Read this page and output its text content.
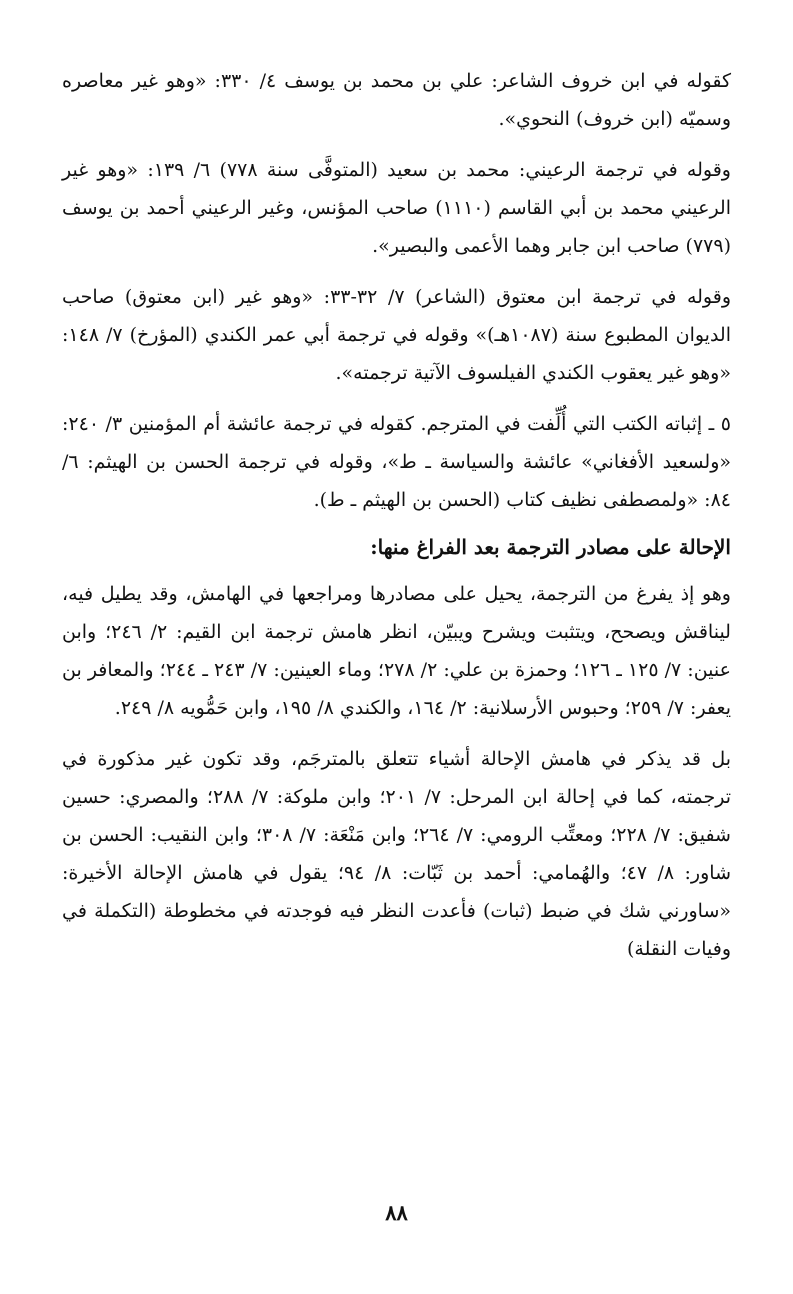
كقوله في ابن خروف الشاعر: علي بن محمد بن يوسف ٤/ ٣٣٠: «وهو غير معاصره وسميّه (ابن خروف) النحوي».

وقوله في ترجمة الرعيني: محمد بن سعيد (المتوفَّى سنة ٧٧٨) ٦/ ١٣٩: «وهو غير الرعيني محمد بن أبي القاسم (١١١٠) صاحب المؤنس، وغير الرعيني أحمد بن يوسف (٧٧٩) صاحب ابن جابر وهما الأعمى والبصير».

وقوله في ترجمة ابن معتوق (الشاعر) ٧/ ٣٢-٣٣: «وهو غير (ابن معتوق) صاحب الديوان المطبوع سنة (١٠٨٧هـ)» وقوله في ترجمة أبي عمر الكندي (المؤرخ) ٧/ ١٤٨: «وهو غير يعقوب الكندي الفيلسوف الآتية ترجمته».

٥ ـ إثباته الكتب التي أُلِّفت في المترجم. كقوله في ترجمة عائشة أم المؤمنين ٣/ ٢٤٠: «ولسعيد الأفغاني» عائشة والسياسة ـ ط»، وقوله في ترجمة الحسن بن الهيثم: ٦/ ٨٤: «ولمصطفى نظيف كتاب (الحسن بن الهيثم ـ ط).

الإحالة على مصادر الترجمة بعد الفراغ منها:

وهو إذ يفرغ من الترجمة، يحيل على مصادرها ومراجعها في الهامش، وقد يطيل فيه، ليناقش ويصحح، ويتثبت ويشرح ويبيّن، انظر هامش ترجمة ابن القيم: ٢/ ٢٤٦؛ وابن عنين: ٧/ ١٢٥ ـ ١٢٦؛ وحمزة بن علي: ٢/ ٢٧٨؛ وماء العينين: ٧/ ٢٤٣ ـ ٢٤٤؛ والمعافر بن يعفر: ٧/ ٢٥٩؛ وحبوس الأرسلانية: ٢/ ١٦٤، والكندي ٨/ ١٩٥، وابن حَمُّويه ٨/ ٢٤٩.

بل قد يذكر في هامش الإحالة أشياء تتعلق بالمترجَم، وقد تكون غير مذكورة في ترجمته، كما في إحالة ابن المرحل: ٧/ ٢٠١؛ وابن ملوكة: ٧/ ٢٨٨؛ والمصري: حسين شفيق: ٧/ ٢٢٨؛ ومعتِّب الرومي: ٧/ ٢٦٤؛ وابن مَنْعَة: ٧/ ٣٠٨؛ وابن النقيب: الحسن بن شاور: ٨/ ٤٧؛ والهُمامي: أحمد بن ثَبّات: ٨/ ٩٤؛ يقول في هامش الإحالة الأخيرة: «ساورني شك في ضبط (ثبات) فأعدت النظر فيه فوجدته في مخطوطة (التكملة في وفيات النقلة)

٨٨
